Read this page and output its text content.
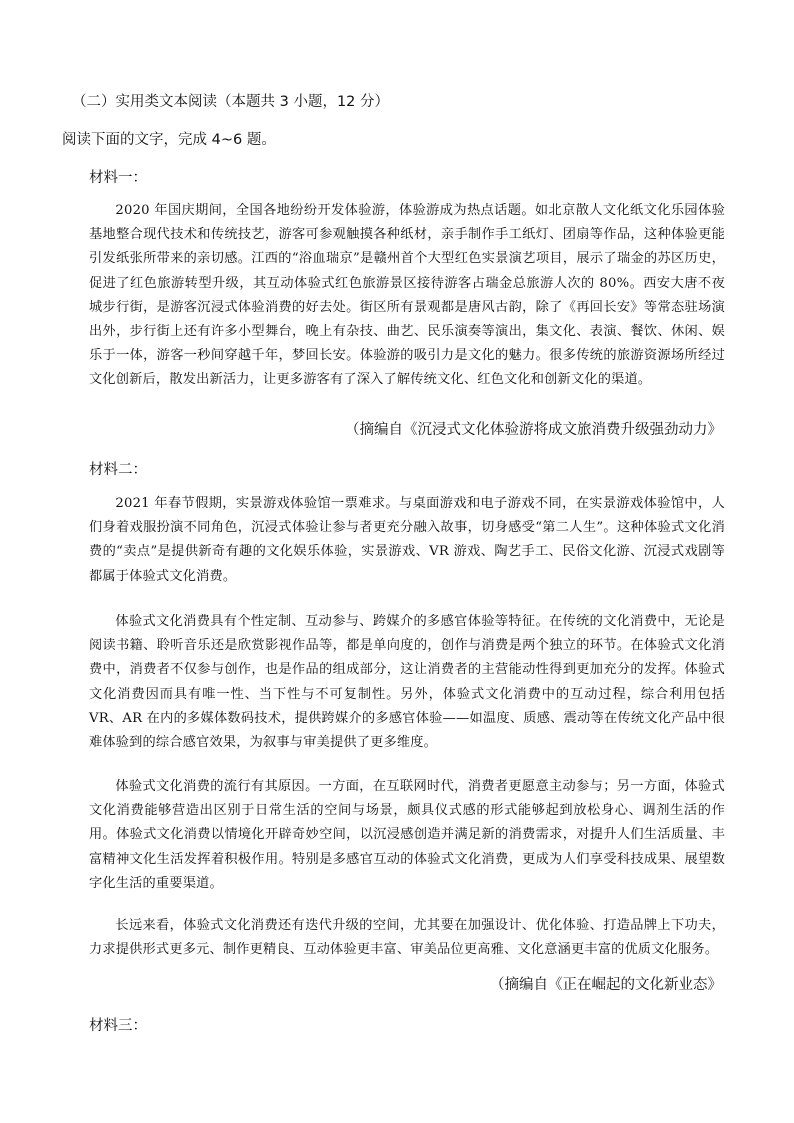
（二）实用类文本阅读（本题共 3 小题，12 分）
阅读下面的文字，完成 4~6 题。
材料一：
2020 年国庆期间，全国各地纷纷开发体验游，体验游成为热点话题。如北京散人文化纸文化乐园体验基地整合现代技术和传统技艺，游客可参观触摸各种纸材，亲手制作手工纸灯、团扇等作品，这种体验更能引发纸张所带来的亲切感。江西的“浴血瑞京”是赣州首个大型红色实景演艺项目，展示了瑞金的苏区历史，促进了红色旅游转型升级，其互动体验式红色旅游景区接待游客占瑞金总旅游人次的 80%。西安大唐不夜城步行街，是游客沉浸式体验消费的好去处。街区所有景观都是唐风古韵，除了《再回长安》等常态驻场演出外，步行街上还有许多小型舞台，晚上有杂技、曲艺、民乐演奏等演出，集文化、表演、餐饮、休闲、娱乐于一体，游客一秒间穿越千年，梦回长安。体验游的吸引力是文化的魅力。很多传统的旅游资源场所经过文化创新后，散发出新活力，让更多游客有了深入了解传统文化、红色文化和创新文化的渠道。
（摘编自《沉浸式文化体验游将成文旅消费升级强劲动力》
材料二：
2021 年春节假期，实景游戏体验馆一票难求。与桌面游戏和电子游戏不同，在实景游戏体验馆中，人们身着戏服扮演不同角色，沉浸式体验让参与者更充分融入故事，切身感受“第二人生”。这种体验式文化消费的“卖点”是提供新奇有趣的文化娱乐体验，实景游戏、VR 游戏、陶艺手工、民俗文化游、沉浸式戏剧等都属于体验式文化消费。
体验式文化消费具有个性定制、互动参与、跨媒介的多感官体验等特征。在传统的文化消费中，无论是阅读书籍、聆听音乐还是欣赏影视作品等，都是单向度的，创作与消费是两个独立的环节。在体验式文化消费中，消费者不仅参与创作，也是作品的组成部分，这让消费者的主营能动性得到更加充分的发挥。体验式文化消费因而具有唯一性、当下性与不可复制性。另外，体验式文化消费中的互动过程，综合利用包括 VR、AR 在内的多媒体数码技术，提供跨媒介的多感官体验——如温度、质感、震动等在传统文化产品中很难体验到的综合感官效果，为叙事与审美提供了更多维度。
体验式文化消费的流行有其原因。一方面，在互联网时代，消费者更愿意主动参与；另一方面，体验式文化消费能够营造出区别于日常生活的空间与场景，颇具仪式感的形式能够起到放松身心、调剂生活的作用。体验式文化消费以情境化开辟奇妙空间，以沉浸感创造并满足新的消费需求，对提升人们生活质量、丰富精神文化生活发挥着积极作用。特别是多感官互动的体验式文化消费，更成为人们享受科技成果、展望数字化生活的重要渠道。
长远来看，体验式文化消费还有迭代升级的空间，尤其要在加强设计、优化体验、打造品牌上下功夫，力求提供形式更多元、制作更精良、互动体验更丰富、审美品位更高雅、文化意涵更丰富的优质文化服务。
（摘编自《正在崛起的文化新业态》
材料三：
